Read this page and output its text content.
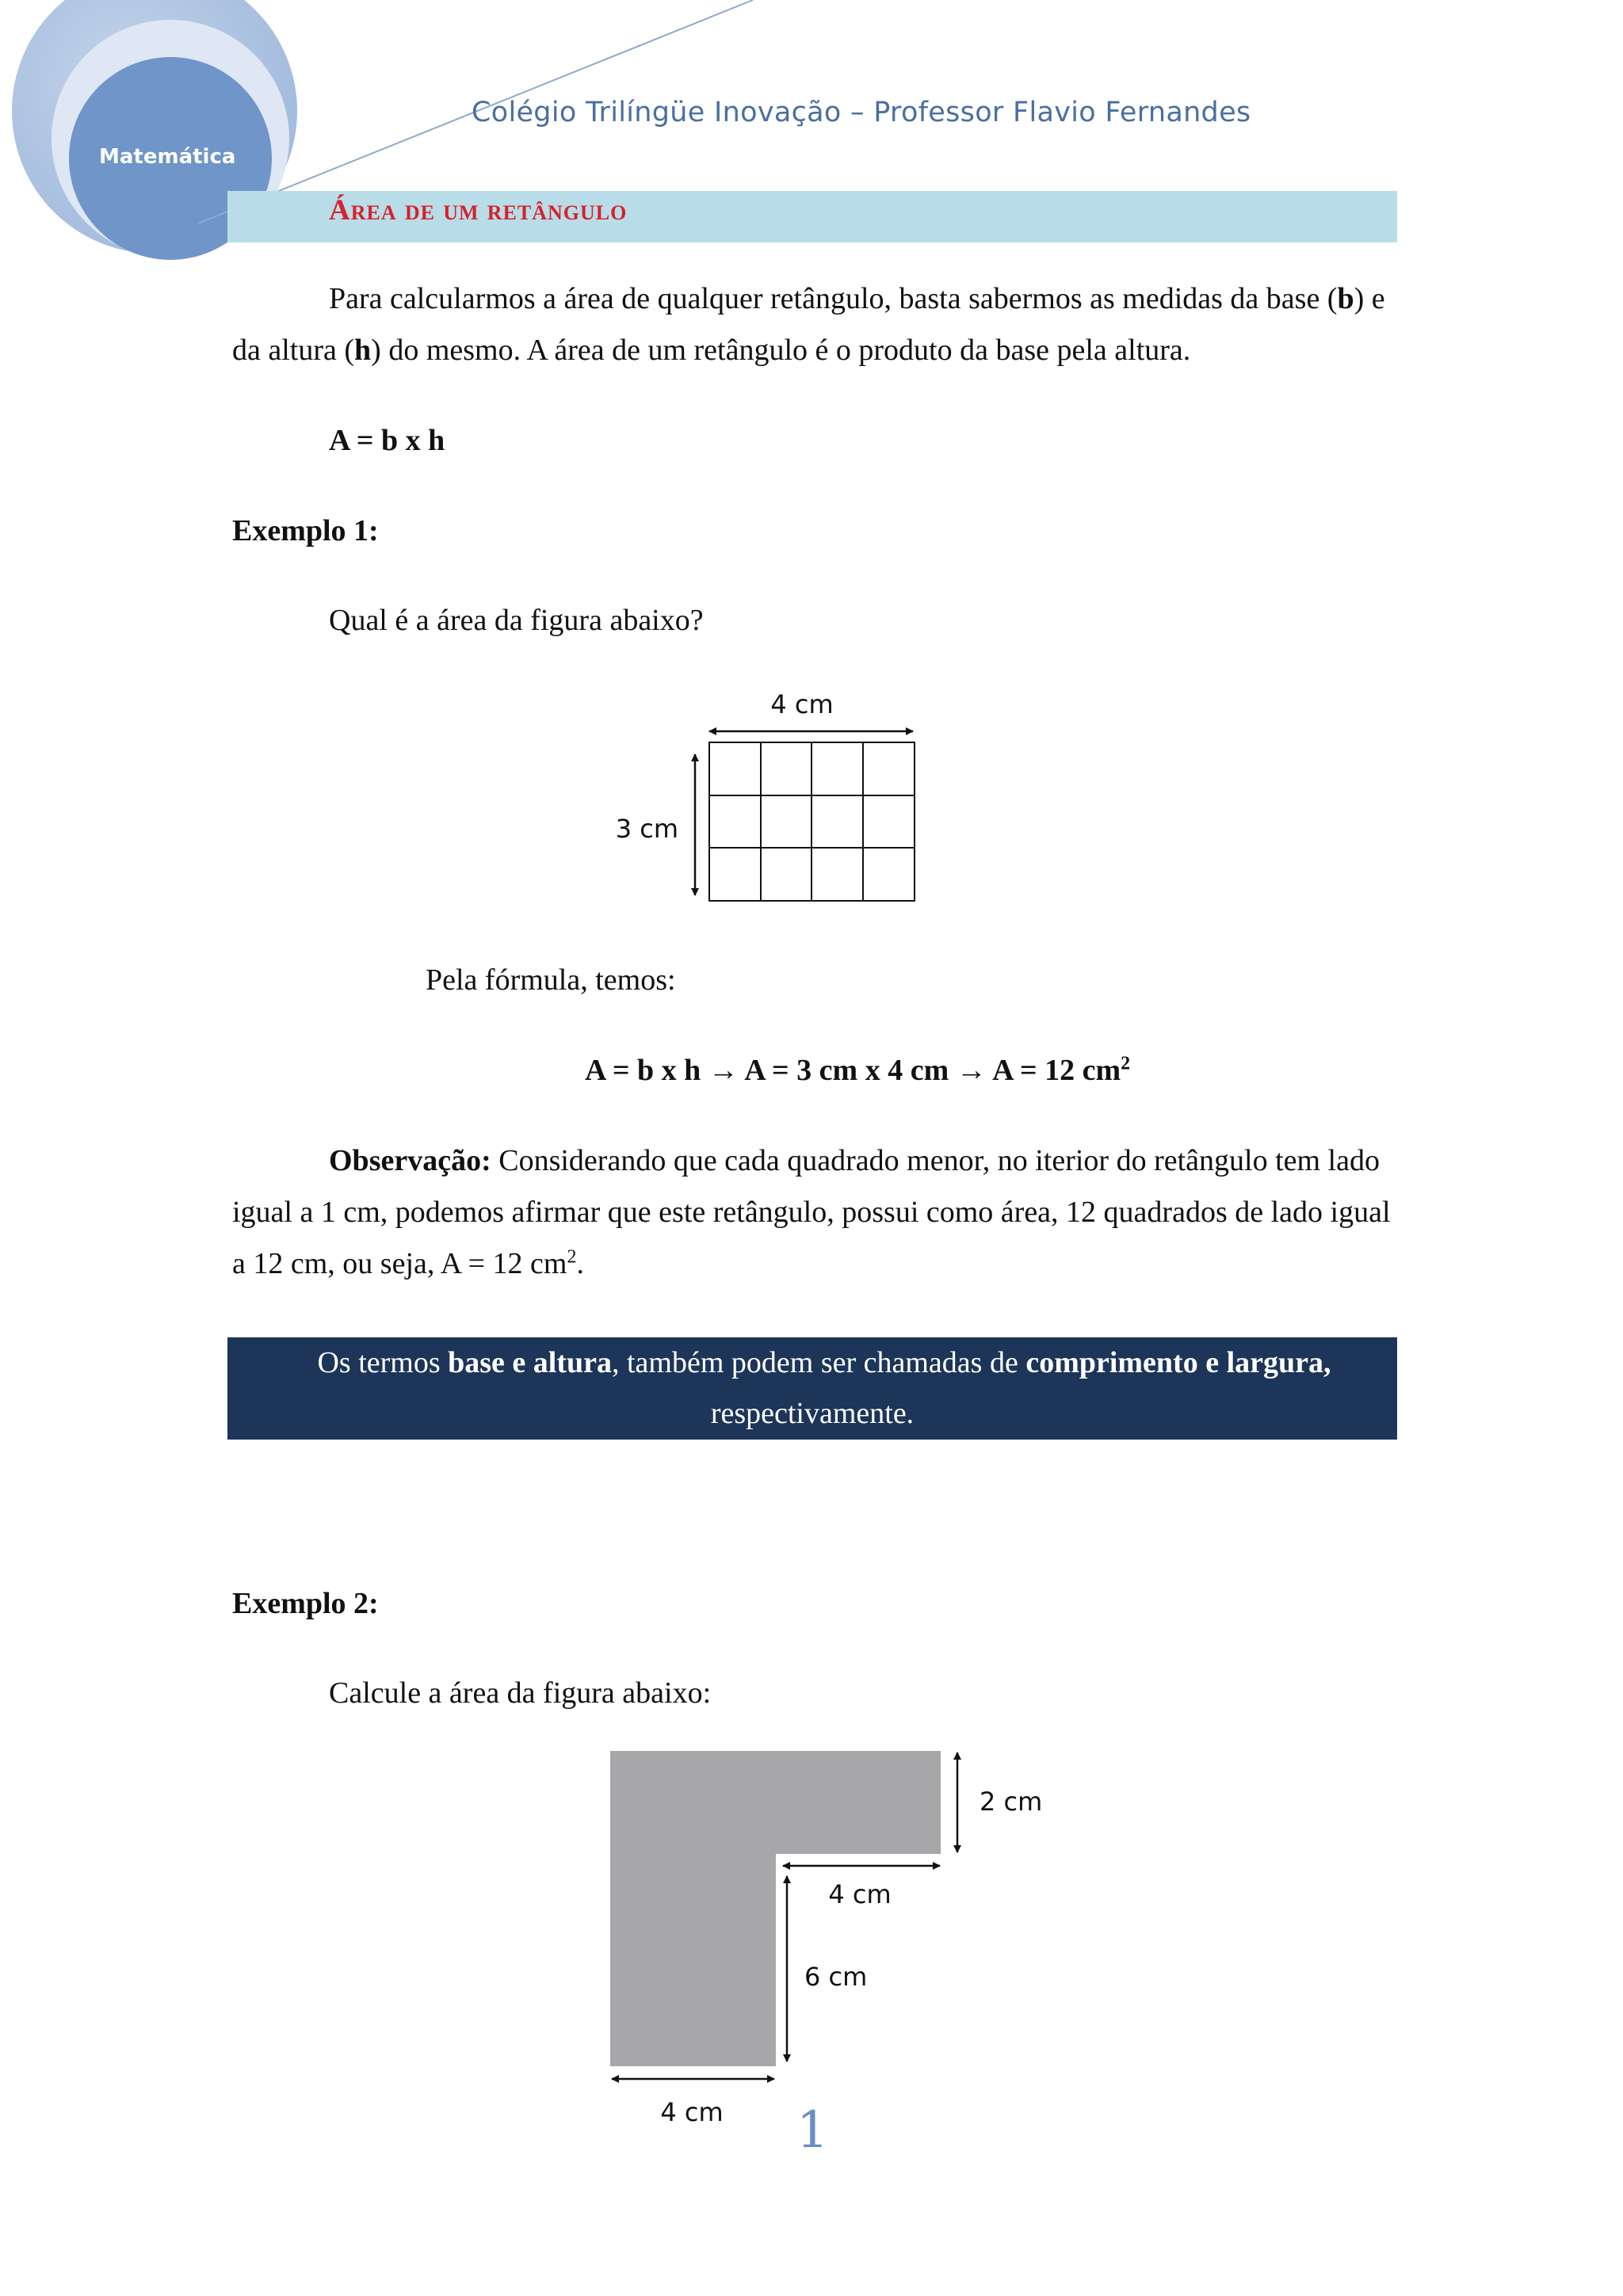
Matemática
Colégio Trilíngüe Inovação – Professor Flavio Fernandes
Área de um retângulo
Para calcularmos a área de qualquer retângulo, basta sabermos as medidas da base (b) e
da altura (h) do mesmo. A área de um retângulo é o produto da base pela altura.
A = b x h
Exemplo 1:
Qual é a área da figura abaixo?
4 cm
3 cm
Pela fórmula, temos:
A = b x h → A = 3 cm x 4 cm → A = 12 $cm^2$
Observação: Considerando que cada quadrado menor, no iterior do retângulo tem lado
igual a 1 cm, podemos afirmar que este retângulo, possui como área, 12 quadrados de lado igual
a 12 cm, ou seja, A = 12 $cm^2$.
Os termos base e altura, também podem ser chamadas de comprimento e largura,
respectivamente.
Exemplo 2:
Calcule a área da figura abaixo:
2 cm
4 cm
6 cm
4 cm 1
